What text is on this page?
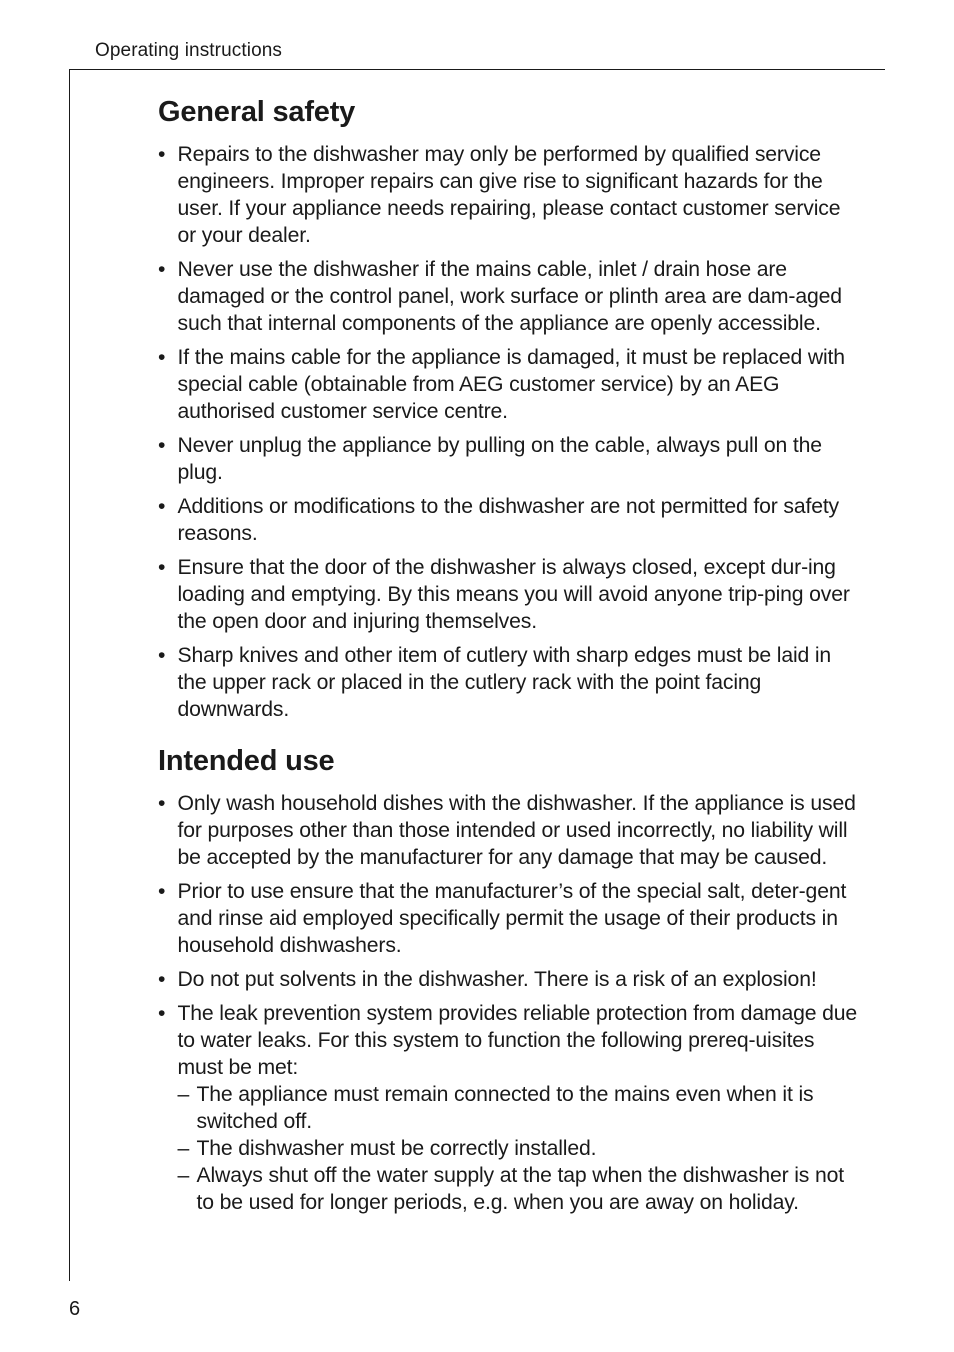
Operating instructions
General safety
• Repairs to the dishwasher may only be performed by qualified service engineers. Improper repairs can give rise to significant hazards for the user. If your appliance needs repairing, please contact customer service or your dealer.
• Never use the dishwasher if the mains cable, inlet / drain hose are damaged or the control panel, work surface or plinth area are dam-aged such that internal components of the appliance are openly accessible.
• If the mains cable for the appliance is damaged, it must be replaced with special cable (obtainable from AEG customer service) by an AEG authorised customer service centre.
• Never unplug the appliance by pulling on the cable, always pull on the plug.
• Additions or modifications to the dishwasher are not permitted for safety reasons.
• Ensure that the door of the dishwasher is always closed, except dur-ing loading and emptying. By this means you will avoid anyone trip-ping over the open door and injuring themselves.
• Sharp knives and other item of cutlery with sharp edges must be laid in the upper rack or placed in the cutlery rack with the point facing downwards.
Intended use
• Only wash household dishes with the dishwasher. If the appliance is used for purposes other than those intended or used incorrectly, no liability will be accepted by the manufacturer for any damage that may be caused.
• Prior to use ensure that the manufacturer’s of the special salt, deter-gent and rinse aid employed specifically permit the usage of their products in household dishwashers.
• Do not put solvents in the dishwasher. There is a risk of an explosion!
• The leak prevention system provides reliable protection from damage due to water leaks. For this system to function the following prereq-uisites must be met:
– The appliance must remain connected to the mains even when it is switched off.
– The dishwasher must be correctly installed.
– Always shut off the water supply at the tap when the dishwasher is not to be used for longer periods, e.g. when you are away on holiday.
6
